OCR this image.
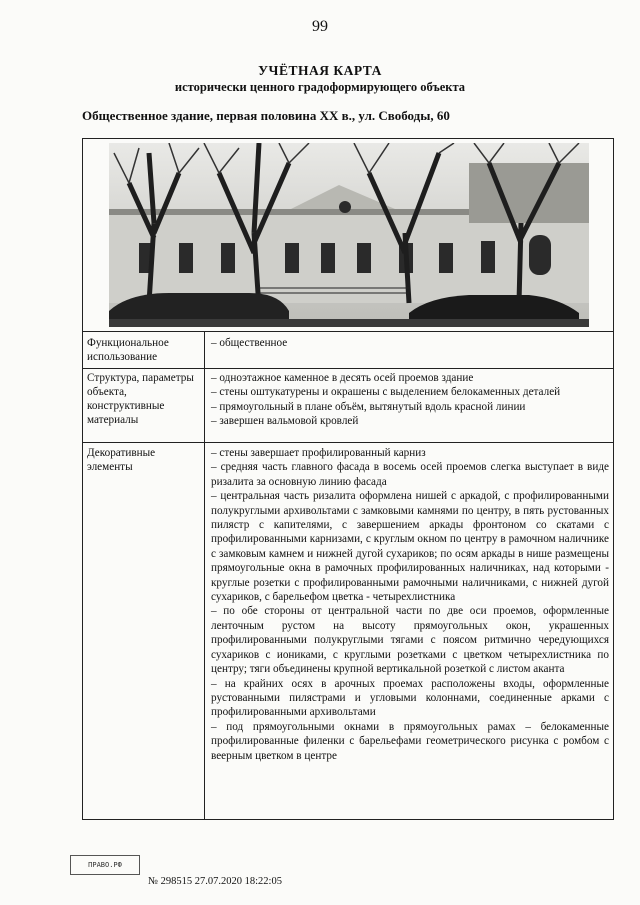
99
УЧЁТНАЯ КАРТА
исторически ценного градоформирующего объекта
Общественное здание, первая половина XX в., ул. Свободы, 60
Функциональное использование

– общественное

Структура, параметры объекта, конструктивные материалы

– одноэтажное каменное в десять осей проемов здание

– стены оштукатурены и окрашены с выделением белокаменных деталей

– прямоугольный в плане объём, вытянутый вдоль красной линии

– завершен вальмовой кровлей

Декоративные элементы

– стены завершает профилированный карниз

– средняя часть главного фасада в восемь осей проемов слегка выступает в виде ризалита за основную линию фасада

– центральная часть ризалита оформлена нишей с аркадой, с профилированными полукруглыми архивольтами с замковыми камнями по центру, в пять рустованных пилястр с капителями, с завершением аркады фронтоном со скатами с профилированными карнизами, с круглым окном по центру в рамочном наличнике с замковым камнем и нижней дугой сухариков; по осям аркады в нише размещены прямоугольные окна в рамочных профилированных наличниках, над которыми - круглые розетки с профилированными рамочными наличниками, с нижней дугой сухариков, с барельефом цветка - четырехлистника

– по обе стороны от центральной части по две оси проемов, оформленные ленточным рустом на высоту прямоугольных окон, украшенных профилированными полукруглыми тягами с поясом ритмично чередующихся сухариков с иониками, с круглыми розетками с цветком четырехлистника по центру; тяги объединены крупной вертикальной розеткой с листом аканта

– на крайних осях в арочных проемах расположены входы, оформленные рустованными пилястрами и угловыми колоннами, соединенные арками с профилированными архивольтами

– под прямоугольными окнами в прямоугольных рамах – белокаменные профилированные филенки с барельефами геометрического рисунка с ромбом с веерным цветком в центре

ПРАВО.РФ
№ 298515 27.07.2020 18:22:05
